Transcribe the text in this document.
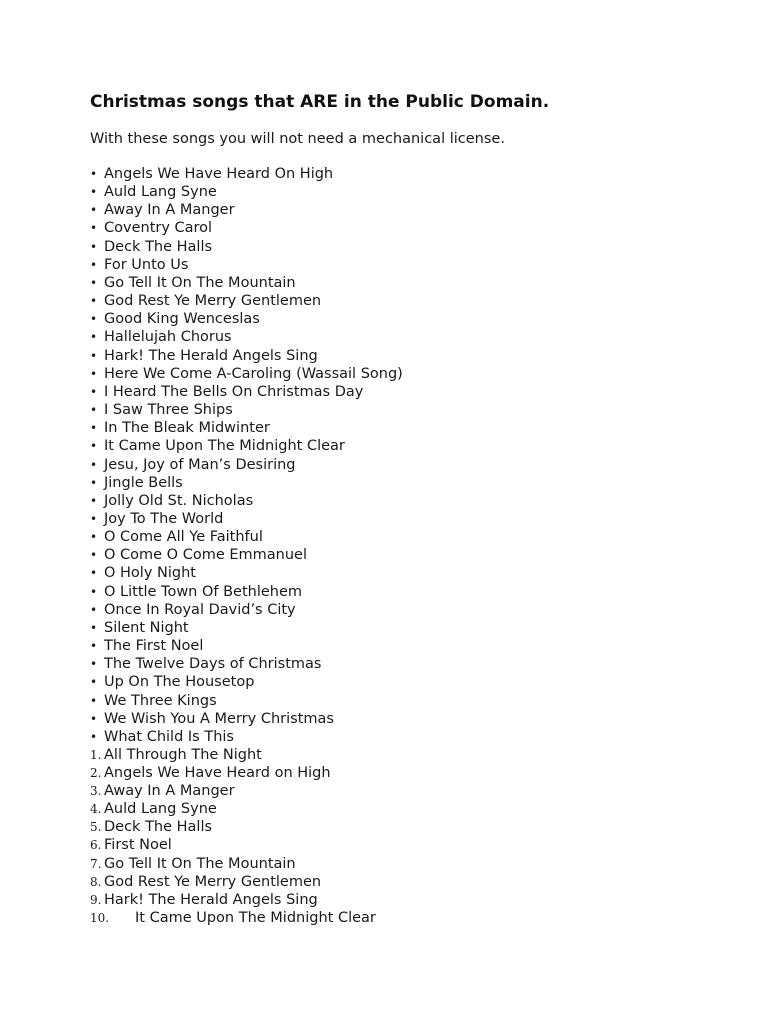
Christmas songs that ARE in the Public Domain.

With these songs you will not need a mechanical license.

• Angels We Have Heard On High
• Auld Lang Syne
• Away In A Manger
• Coventry Carol
• Deck The Halls
• For Unto Us
• Go Tell It On The Mountain
• God Rest Ye Merry Gentlemen
• Good King Wenceslas
• Hallelujah Chorus
• Hark! The Herald Angels Sing
• Here We Come A-Caroling (Wassail Song)
• I Heard The Bells On Christmas Day
• I Saw Three Ships
• In The Bleak Midwinter
• It Came Upon The Midnight Clear
• Jesu, Joy of Man’s Desiring
• Jingle Bells
• Jolly Old St. Nicholas
• Joy To The World
• O Come All Ye Faithful
• O Come O Come Emmanuel
• O Holy Night
• O Little Town Of Bethlehem
• Once In Royal David’s City
• Silent Night
• The First Noel
• The Twelve Days of Christmas
• Up On The Housetop
• We Three Kings
• We Wish You A Merry Christmas
• What Child Is This
1. All Through The Night
2. Angels We Have Heard on High
3. Away In A Manger
4. Auld Lang Syne
5. Deck The Halls
6. First Noel
7. Go Tell It On The Mountain
8. God Rest Ye Merry Gentlemen
9. Hark! The Herald Angels Sing
10. It Came Upon The Midnight Clear
